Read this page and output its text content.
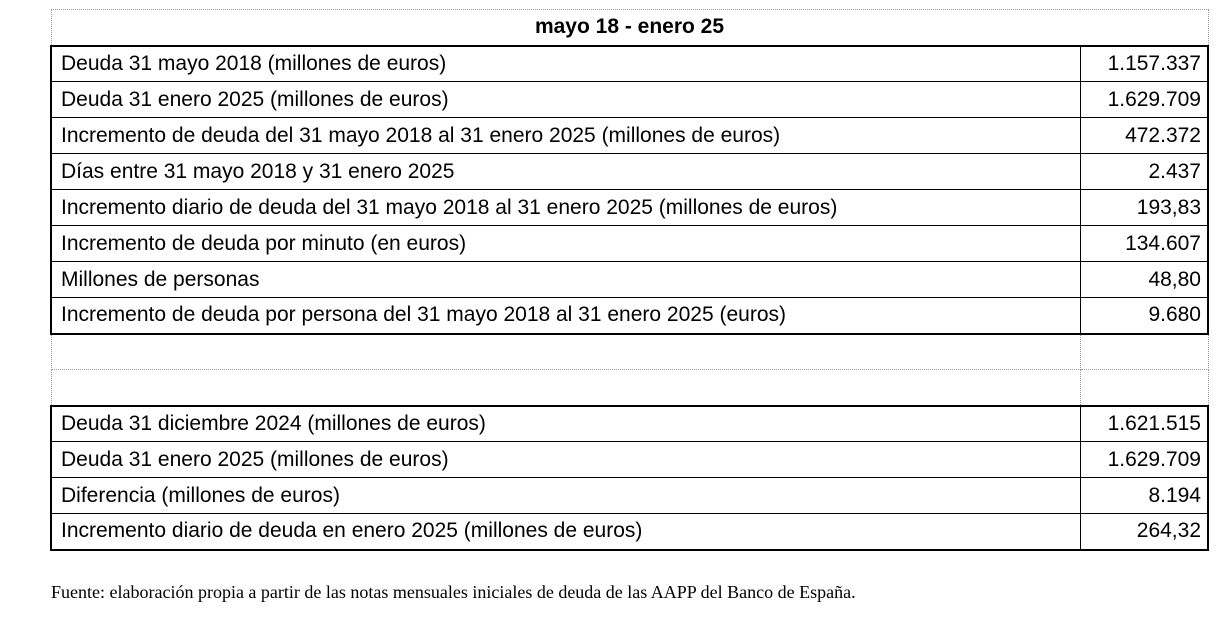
mayo 18 - enero 25	
Deuda 31 mayo 2018 (millones de euros)	1.157.337
Deuda 31 enero 2025 (millones de euros)	1.629.709
Incremento de deuda del 31 mayo 2018 al 31 enero 2025 (millones de euros)	472.372
Días entre 31 mayo 2018 y 31 enero 2025	2.437
Incremento diario de deuda del 31 mayo 2018 al 31 enero 2025 (millones de euros)	193,83
Incremento de deuda por minuto (en euros)	134.607
Millones de personas	48,80
Incremento de deuda por persona del 31 mayo 2018 al 31 enero 2025 (euros)	9.680

Deuda 31 diciembre 2024 (millones de euros)	1.621.515
Deuda 31 enero 2025 (millones de euros)	1.629.709
Diferencia (millones de euros)	8.194
Incremento diario de deuda en enero 2025 (millones de euros)	264,32
Fuente: elaboración propia a partir de las notas mensuales iniciales de deuda de las AAPP del Banco de España.
